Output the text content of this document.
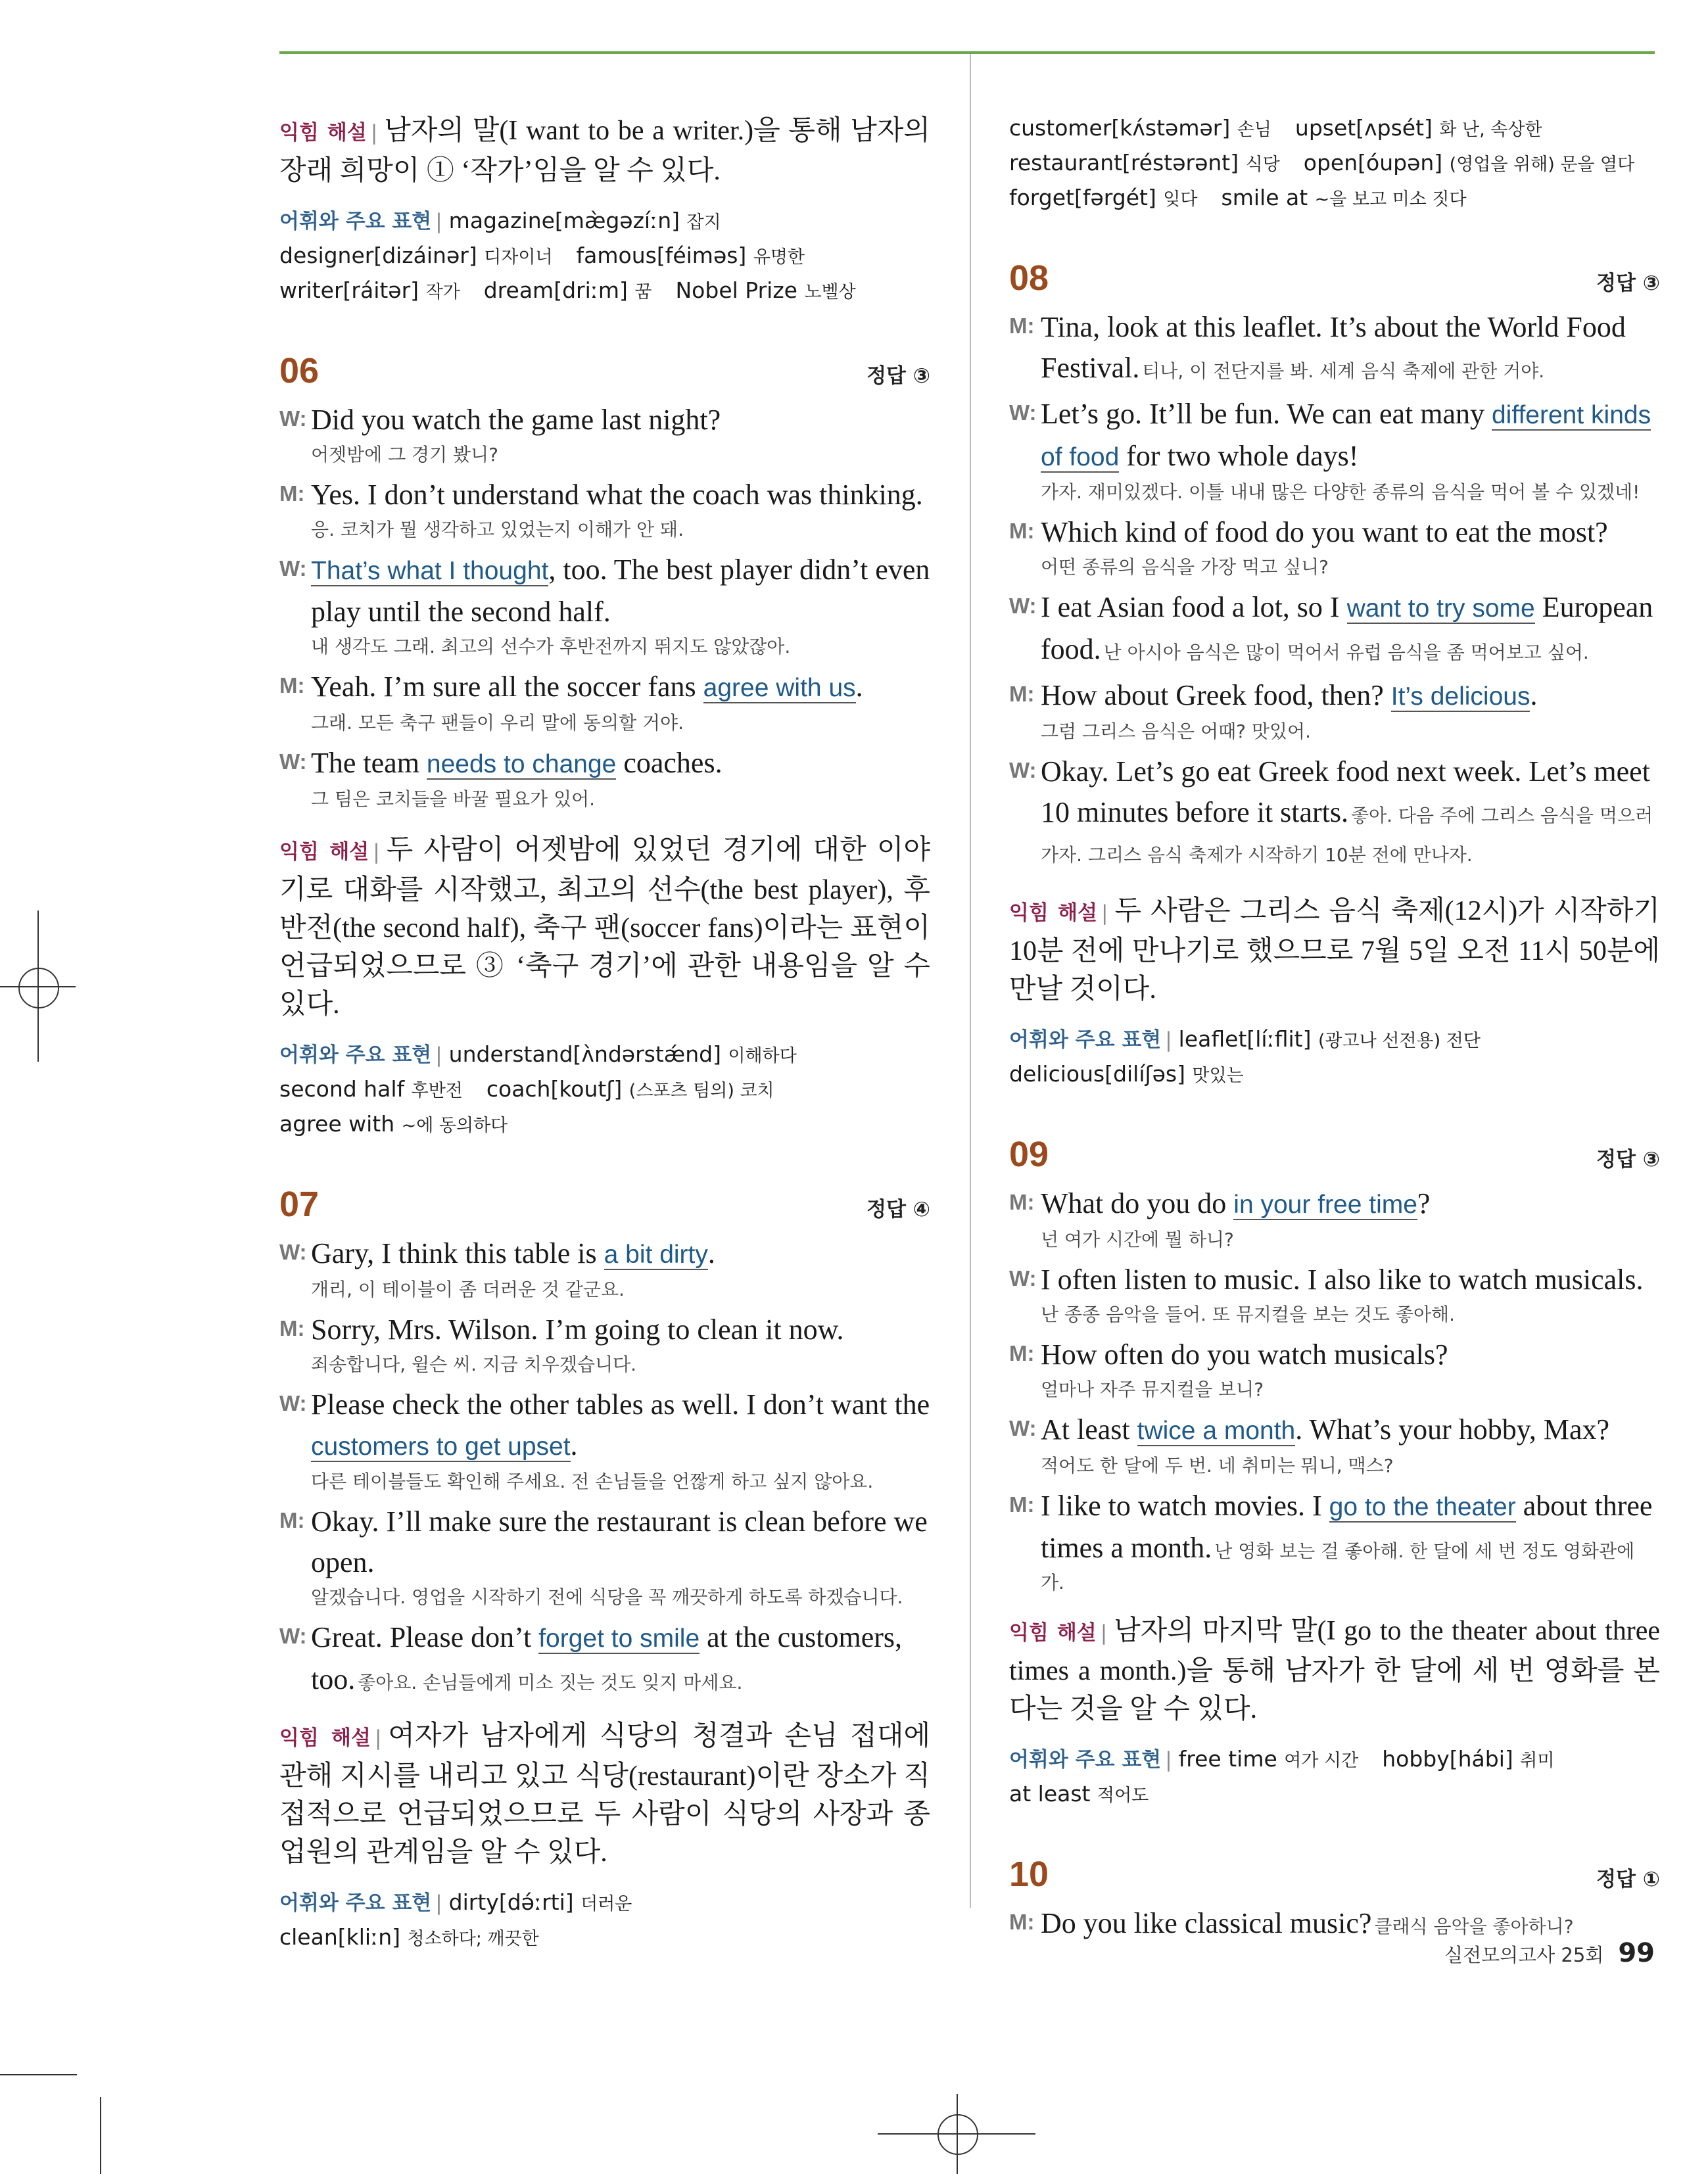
익힘 해설 | 남자의 말(I want to be a writer.)을 통해 남자의 장래 희망이 ① ‘작가’임을 알 수 있다.

어휘와 주요 표현 | magazine[mæ̀gəzíːn] 잡지

designer[dizáinər] 디자이너 famous[féiməs] 유명한

writer[ráitər] 작가 dream[driːm] 꿈 Nobel Prize 노벨상

06	정답 ③
W: Did you watch the game last night?
어젯밤에 그 경기 봤니?
M: Yes. I don’t understand what the coach was thinking.
응. 코치가 뭘 생각하고 있었는지 이해가 안 돼.
W: That’s what I thought, too. The best player didn’t even play until the second half.
내 생각도 그래. 최고의 선수가 후반전까지 뛰지도 않았잖아.
M: Yeah. I’m sure all the soccer fans agree with us.
그래. 모든 축구 팬들이 우리 말에 동의할 거야.
W: The team needs to change coaches.
그 팀은 코치들을 바꿀 필요가 있어.

익힘 해설 | 두 사람이 어젯밤에 있었던 경기에 대한 이야기로 대화를 시작했고, 최고의 선수(the best player), 후반전(the second half), 축구 팬(soccer fans)이라는 표현이 언급되었으므로 ③ ‘축구 경기’에 관한 내용임을 알 수 있다.

어휘와 주요 표현 | understand[ʌ̀ndərstǽnd] 이해하다

second half 후반전 coach[koutʃ] (스포츠 팀의) 코치

agree with ~에 동의하다

07	정답 ④
W: Gary, I think this table is a bit dirty.
개리, 이 테이블이 좀 더러운 것 같군요.
M: Sorry, Mrs. Wilson. I’m going to clean it now.
죄송합니다, 윌슨 씨. 지금 치우겠습니다.
W: Please check the other tables as well. I don’t want the customers to get upset.
다른 테이블들도 확인해 주세요. 전 손님들을 언짢게 하고 싶지 않아요.
M: Okay. I’ll make sure the restaurant is clean before we open.
알겠습니다. 영업을 시작하기 전에 식당을 꼭 깨끗하게 하도록 하겠습니다.
W: Great. Please don’t forget to smile at the customers, too. 좋아요. 손님들에게 미소 짓는 것도 잊지 마세요.

익힘 해설 | 여자가 남자에게 식당의 청결과 손님 접대에 관해 지시를 내리고 있고 식당(restaurant)이란 장소가 직접적으로 언급되었으므로 두 사람이 식당의 사장과 종업원의 관계임을 알 수 있다.

어휘와 주요 표현 | dirty[də́ːrti] 더러운clean[kliːn] 청소하다; 깨끗한

customer[kʌ́stəmər] 손님 upset[ʌpsét] 화 난, 속상한

restaurant[réstərənt] 식당 open[óupən] (영업을 위해) 문을 열다

forget[fərgét] 잊다 smile at ~을 보고 미소 짓다

08	정답 ③
M: Tina, look at this leaflet. It’s about the World Food Festival. 티나, 이 전단지를 봐. 세계 음식 축제에 관한 거야.
W: Let’s go. It’ll be fun. We can eat many different kinds of food for two whole days!
가자. 재미있겠다. 이틀 내내 많은 다양한 종류의 음식을 먹어 볼 수 있겠네!
M: Which kind of food do you want to eat the most?
어떤 종류의 음식을 가장 먹고 싶니?
W: I eat Asian food a lot, so I want to try some European food. 난 아시아 음식은 많이 먹어서 유럽 음식을 좀 먹어보고 싶어.
M: How about Greek food, then? It’s delicious.
그럼 그리스 음식은 어때? 맛있어.
W: Okay. Let’s go eat Greek food next week. Let’s meet 10 minutes before it starts. 좋아. 다음 주에 그리스 음식을 먹으러 가자. 그리스 음식 축제가 시작하기 10분 전에 만나자.

익힘 해설 | 두 사람은 그리스 음식 축제(12시)가 시작하기 10분 전에 만나기로 했으므로 7월 5일 오전 11시 50분에 만날 것이다.

어휘와 주요 표현 | leaflet[líːflit] (광고나 선전용) 전단

delicious[dilíʃəs] 맛있는

09	정답 ③
M: What do you do in your free time?
넌 여가 시간에 뭘 하니?
W: I often listen to music. I also like to watch musicals.
난 종종 음악을 들어. 또 뮤지컬을 보는 것도 좋아해.
M: How often do you watch musicals?
얼마나 자주 뮤지컬을 보니?
W: At least twice a month. What’s your hobby, Max?
적어도 한 달에 두 번. 네 취미는 뭐니, 맥스?
M: I like to watch movies. I go to the theater about three times a month. 난 영화 보는 걸 좋아해. 한 달에 세 번 정도 영화관에 가.

익힘 해설 | 남자의 마지막 말(I go to the theater about three times a month.)을 통해 남자가 한 달에 세 번 영화를 본다는 것을 알 수 있다.

어휘와 주요 표현 | free time 여가 시간 hobby[hábi] 취미

at least 적어도

10	정답 ①
M: Do you like classical music? 클래식 음악을 좋아하니?
실전모의고사 25회 99
